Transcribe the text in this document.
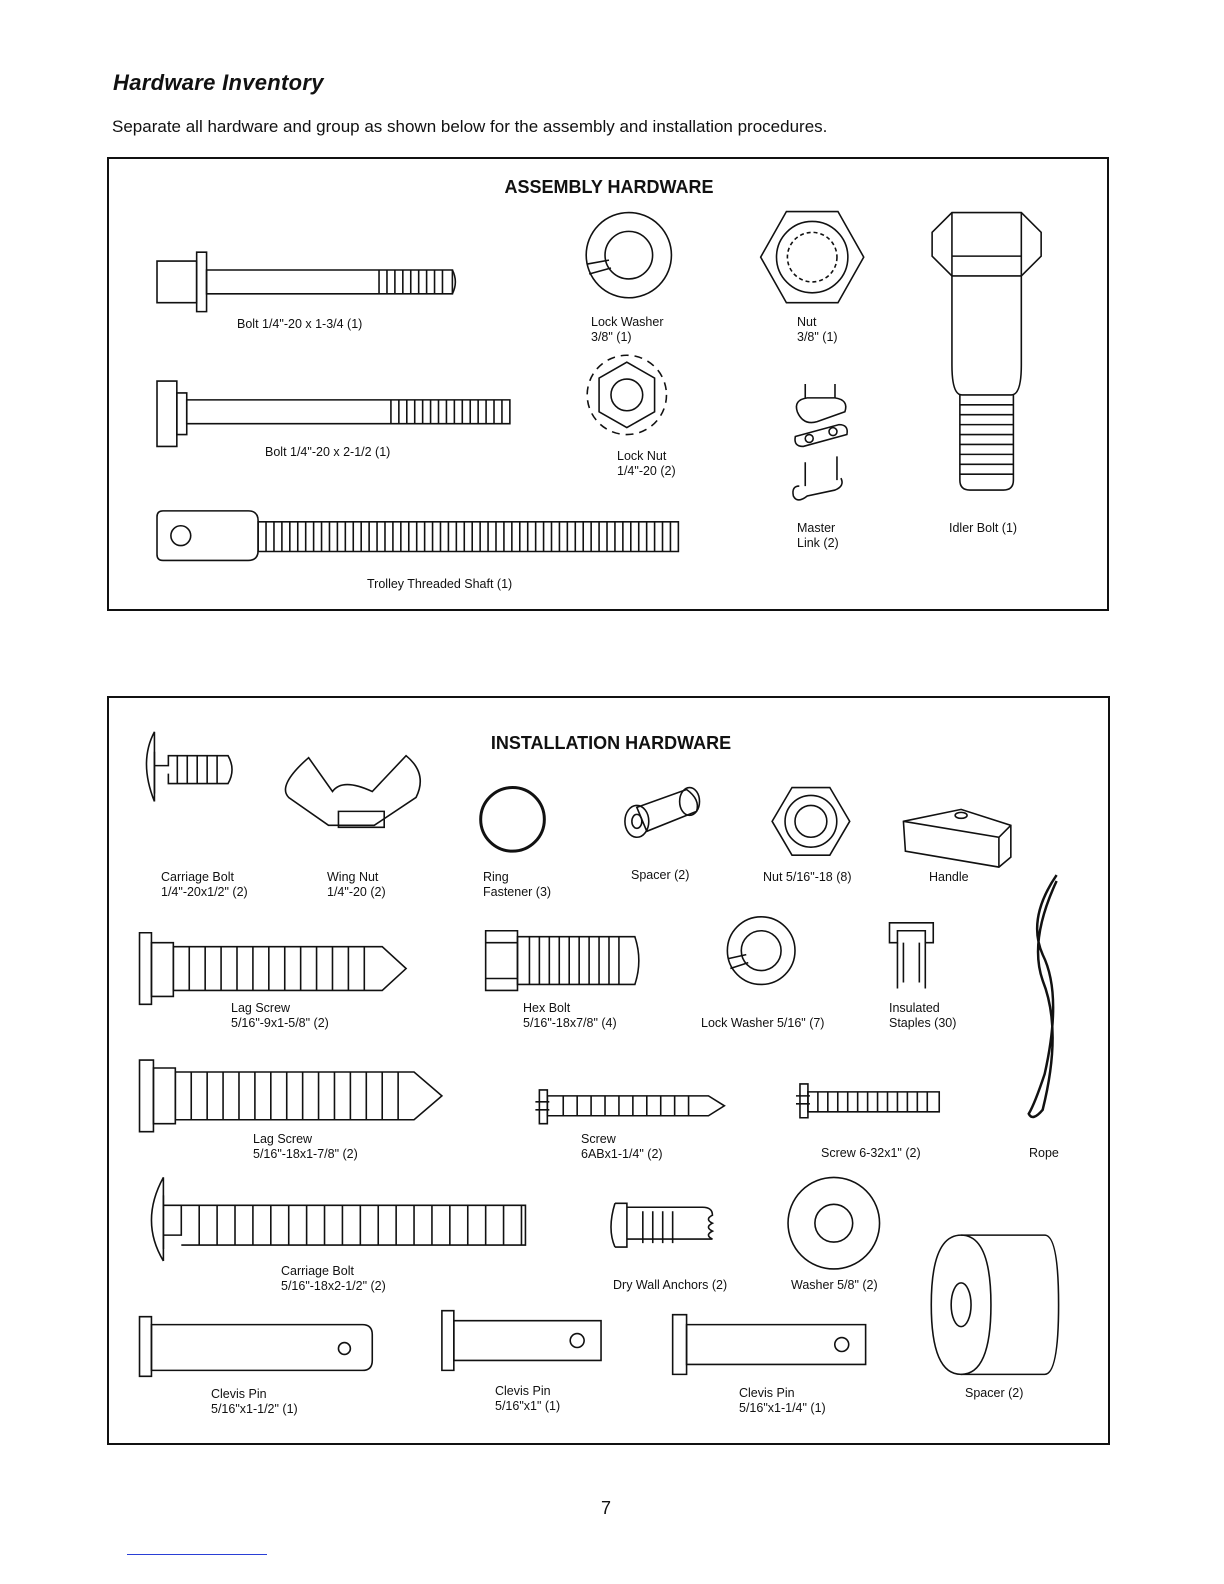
Hardware Inventory
Separate all hardware and group as shown below for the assembly and installation procedures.
ASSEMBLY HARDWARE
Bolt 1/4"-20 x 1-3/4 (1)
Bolt 1/4"-20 x 2-1/2 (1)
Trolley Threaded Shaft (1)
Lock Washer
3/8" (1)
Lock Nut
1/4"-20 (2)
Nut
3/8" (1)
Master
Link (2)
Idler Bolt (1)
INSTALLATION HARDWARE
Carriage Bolt
1/4"-20x1/2" (2)
Wing Nut
1/4"-20 (2)
Ring
Fastener (3)
Spacer (2)	Nut 5/16"-18 (8)	Handle
Lag Screw
5/16"-9x1-5/8" (2)
Hex Bolt
5/16"-18x7/8" (4)	Lock Washer 5/16" (7)
Insulated
Staples (30)
Lag Screw
5/16"-18x1-7/8" (2)
Screw
6ABx1-1/4" (2)	Screw 6-32x1" (2)	Rope
Carriage Bolt
5/16"-18x2-1/2" (2)	Dry Wall Anchors (2)	Washer 5/8" (2)
Clevis Pin
5/16"x1-1/2" (1)
Clevis Pin
5/16"x1" (1)
Clevis Pin
5/16"x1-1/4" (1)
Spacer (2)
7
